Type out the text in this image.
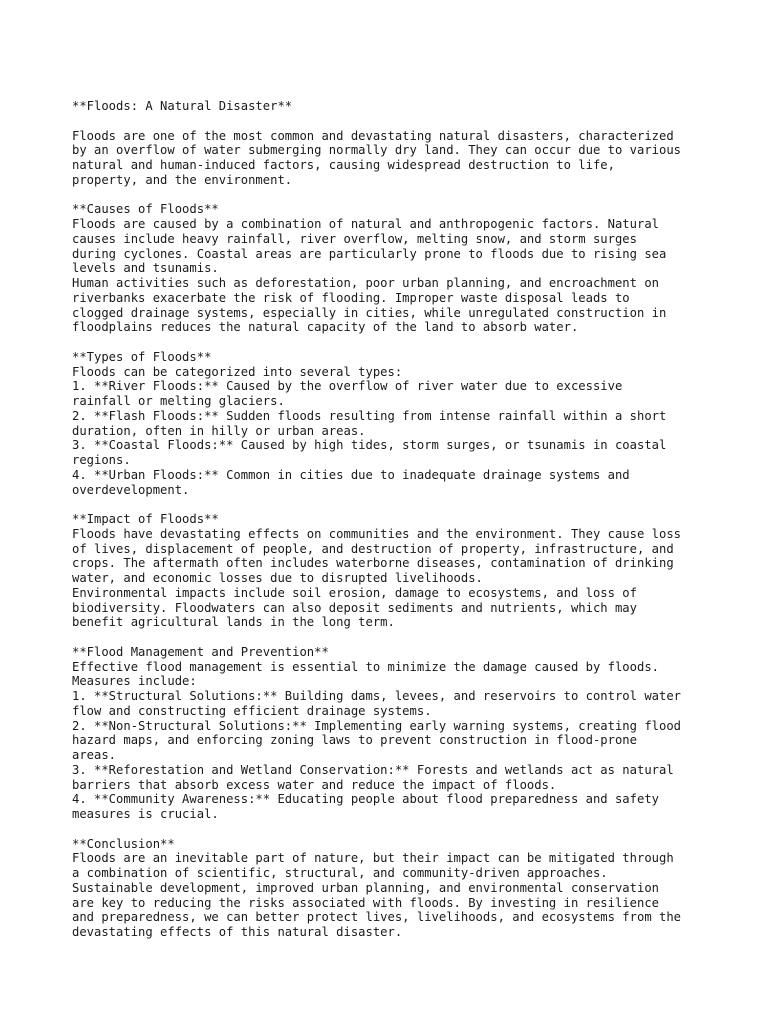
**Floods: A Natural Disaster**
Floods are one of the most common and devastating natural disasters, characterized
by an overflow of water submerging normally dry land. They can occur due to various
natural and human-induced factors, causing widespread destruction to life,
property, and the environment.
**Causes of Floods**
Floods are caused by a combination of natural and anthropogenic factors. Natural
causes include heavy rainfall, river overflow, melting snow, and storm surges
during cyclones. Coastal areas are particularly prone to floods due to rising sea
levels and tsunamis.
Human activities such as deforestation, poor urban planning, and encroachment on
riverbanks exacerbate the risk of flooding. Improper waste disposal leads to
clogged drainage systems, especially in cities, while unregulated construction in
floodplains reduces the natural capacity of the land to absorb water.
**Types of Floods**
Floods can be categorized into several types:
1. **River Floods:** Caused by the overflow of river water due to excessive
rainfall or melting glaciers.
2. **Flash Floods:** Sudden floods resulting from intense rainfall within a short
duration, often in hilly or urban areas.
3. **Coastal Floods:** Caused by high tides, storm surges, or tsunamis in coastal
regions.
4. **Urban Floods:** Common in cities due to inadequate drainage systems and
overdevelopment.
**Impact of Floods**
Floods have devastating effects on communities and the environment. They cause loss
of lives, displacement of people, and destruction of property, infrastructure, and
crops. The aftermath often includes waterborne diseases, contamination of drinking
water, and economic losses due to disrupted livelihoods.
Environmental impacts include soil erosion, damage to ecosystems, and loss of
biodiversity. Floodwaters can also deposit sediments and nutrients, which may
benefit agricultural lands in the long term.
**Flood Management and Prevention**
Effective flood management is essential to minimize the damage caused by floods.
Measures include:
1. **Structural Solutions:** Building dams, levees, and reservoirs to control water
flow and constructing efficient drainage systems.
2. **Non-Structural Solutions:** Implementing early warning systems, creating flood
hazard maps, and enforcing zoning laws to prevent construction in flood-prone
areas.
3. **Reforestation and Wetland Conservation:** Forests and wetlands act as natural
barriers that absorb excess water and reduce the impact of floods.
4. **Community Awareness:** Educating people about flood preparedness and safety
measures is crucial.
**Conclusion**
Floods are an inevitable part of nature, but their impact can be mitigated through
a combination of scientific, structural, and community-driven approaches.
Sustainable development, improved urban planning, and environmental conservation
are key to reducing the risks associated with floods. By investing in resilience
and preparedness, we can better protect lives, livelihoods, and ecosystems from the
devastating effects of this natural disaster.
